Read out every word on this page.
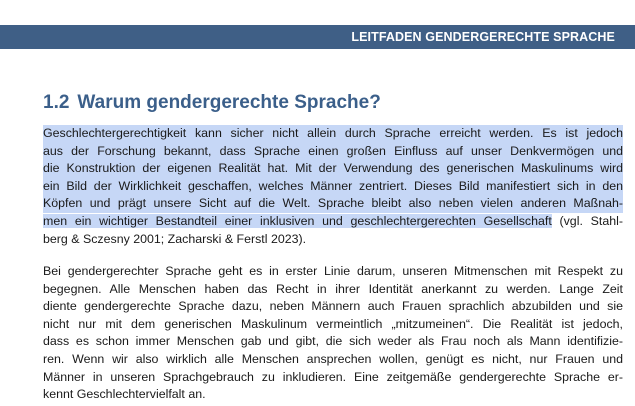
LEITFADEN GENDERGERECHTE SPRACHE
1.2 Warum gendergerechte Sprache?
Geschlechtergerechtigkeit kann sicher nicht allein durch Sprache erreicht werden. Es ist jedoch
aus der Forschung bekannt, dass Sprache einen großen Einfluss auf unser Denkvermögen und
die Konstruktion der eigenen Realität hat. Mit der Verwendung des generischen Maskulinums wird
ein Bild der Wirklichkeit geschaffen, welches Männer zentriert. Dieses Bild manifestiert sich in den
Köpfen und prägt unsere Sicht auf die Welt. Sprache bleibt also neben vielen anderen Maßnah-
men ein wichtiger Bestandteil einer inklusiven und geschlechtergerechten Gesellschaft (vgl. Stahl-
berg & Sczesny 2001; Zacharski & Ferstl 2023).
Bei gendergerechter Sprache geht es in erster Linie darum, unseren Mitmenschen mit Respekt zu
begegnen. Alle Menschen haben das Recht in ihrer Identität anerkannt zu werden. Lange Zeit
diente gendergerechte Sprache dazu, neben Männern auch Frauen sprachlich abzubilden und sie
nicht nur mit dem generischen Maskulinum vermeintlich „mitzumeinen“. Die Realität ist jedoch,
dass es schon immer Menschen gab und gibt, die sich weder als Frau noch als Mann identifizie-
ren. Wenn wir also wirklich alle Menschen ansprechen wollen, genügt es nicht, nur Frauen und
Männer in unseren Sprachgebrauch zu inkludieren. Eine zeitgemäße gendergerechte Sprache er-
kennt Geschlechtervielfalt an.
